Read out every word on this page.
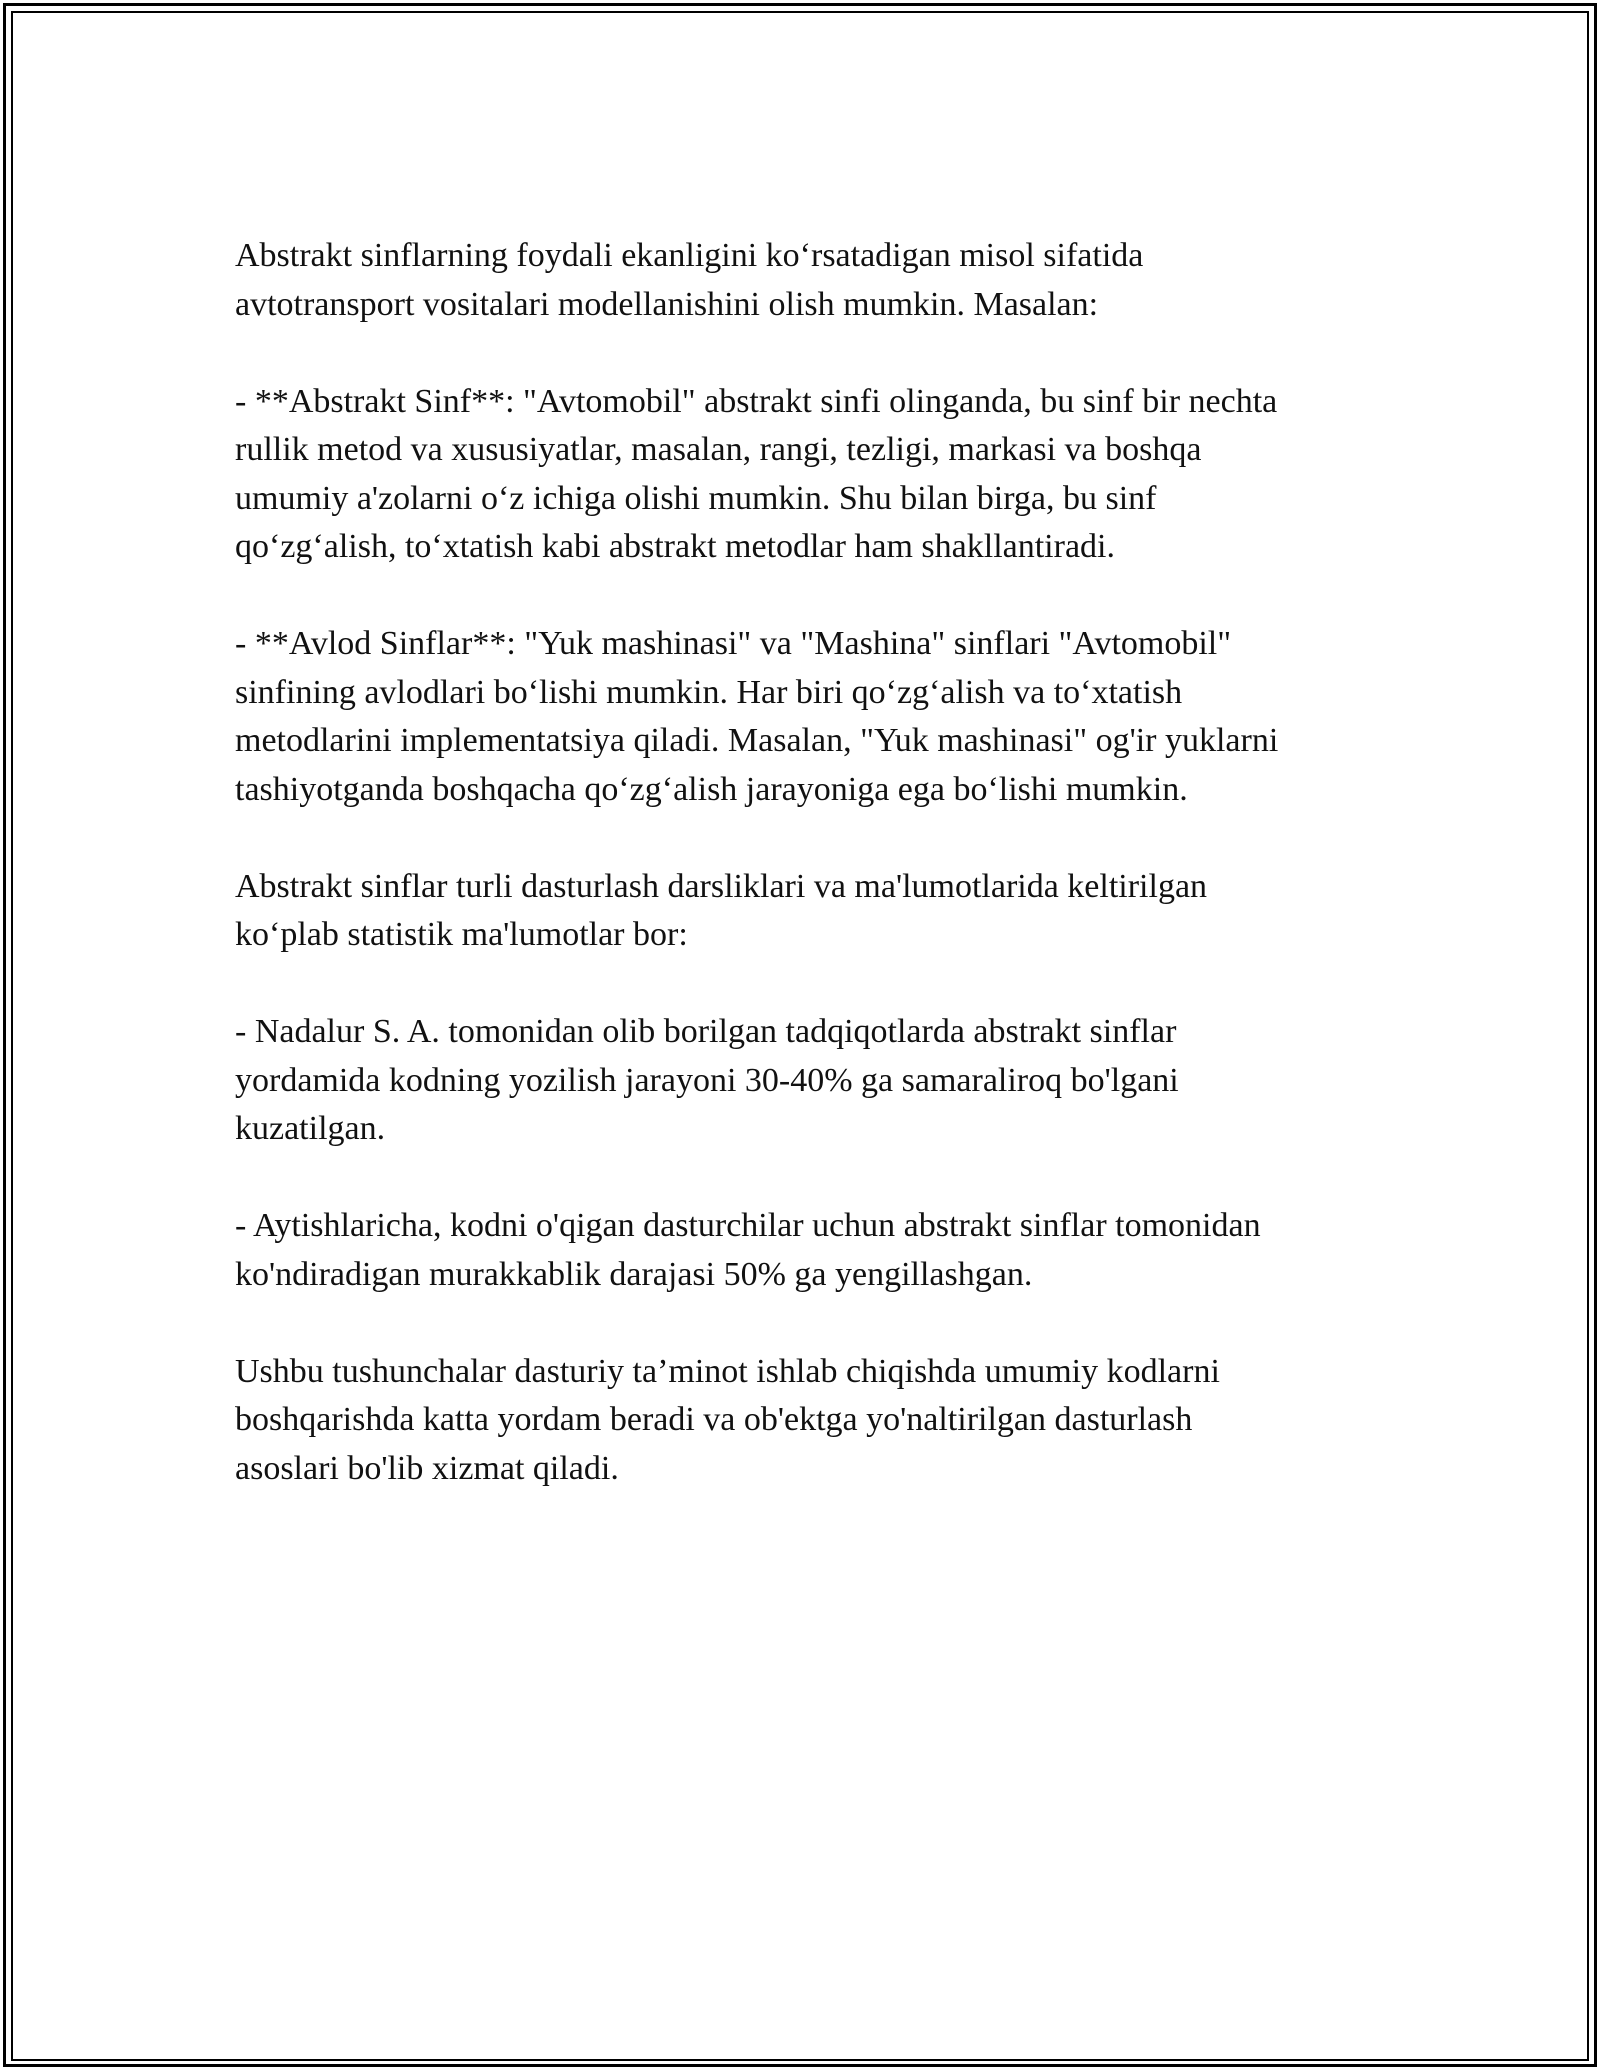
Abstrakt sinflarning foydali ekanligini koʻrsatadigan misol sifatida
avtotransport vositalari modellanishini olish mumkin. Masalan:

- **Abstrakt Sinf**: "Avtomobil" abstrakt sinfi olinganda, bu sinf bir nechta
rullik metod va xususiyatlar, masalan, rangi, tezligi, markasi va boshqa
umumiy a'zolarni oʻz ichiga olishi mumkin. Shu bilan birga, bu sinf
qoʻzgʻalish, toʻxtatish kabi abstrakt metodlar ham shakllantiradi.

- **Avlod Sinflar**: "Yuk mashinasi" va "Mashina" sinflari "Avtomobil"
sinfining avlodlari boʻlishi mumkin. Har biri qoʻzgʻalish va toʻxtatish
metodlarini implementatsiya qiladi. Masalan, "Yuk mashinasi" og'ir yuklarni
tashiyotganda boshqacha qoʻzgʻalish jarayoniga ega boʻlishi mumkin.

Abstrakt sinflar turli dasturlash darsliklari va ma'lumotlarida keltirilgan
koʻplab statistik ma'lumotlar bor:

- Nadalur S. A. tomonidan olib borilgan tadqiqotlarda abstrakt sinflar
yordamida kodning yozilish jarayoni 30-40% ga samaraliroq bo'lgani
kuzatilgan.

- Aytishlaricha, kodni o'qigan dasturchilar uchun abstrakt sinflar tomonidan
ko'ndiradigan murakkablik darajasi 50% ga yengillashgan.

Ushbu tushunchalar dasturiy ta’minot ishlab chiqishda umumiy kodlarni
boshqarishda katta yordam beradi va ob'ektga yo'naltirilgan dasturlash
asoslari bo'lib xizmat qiladi.
